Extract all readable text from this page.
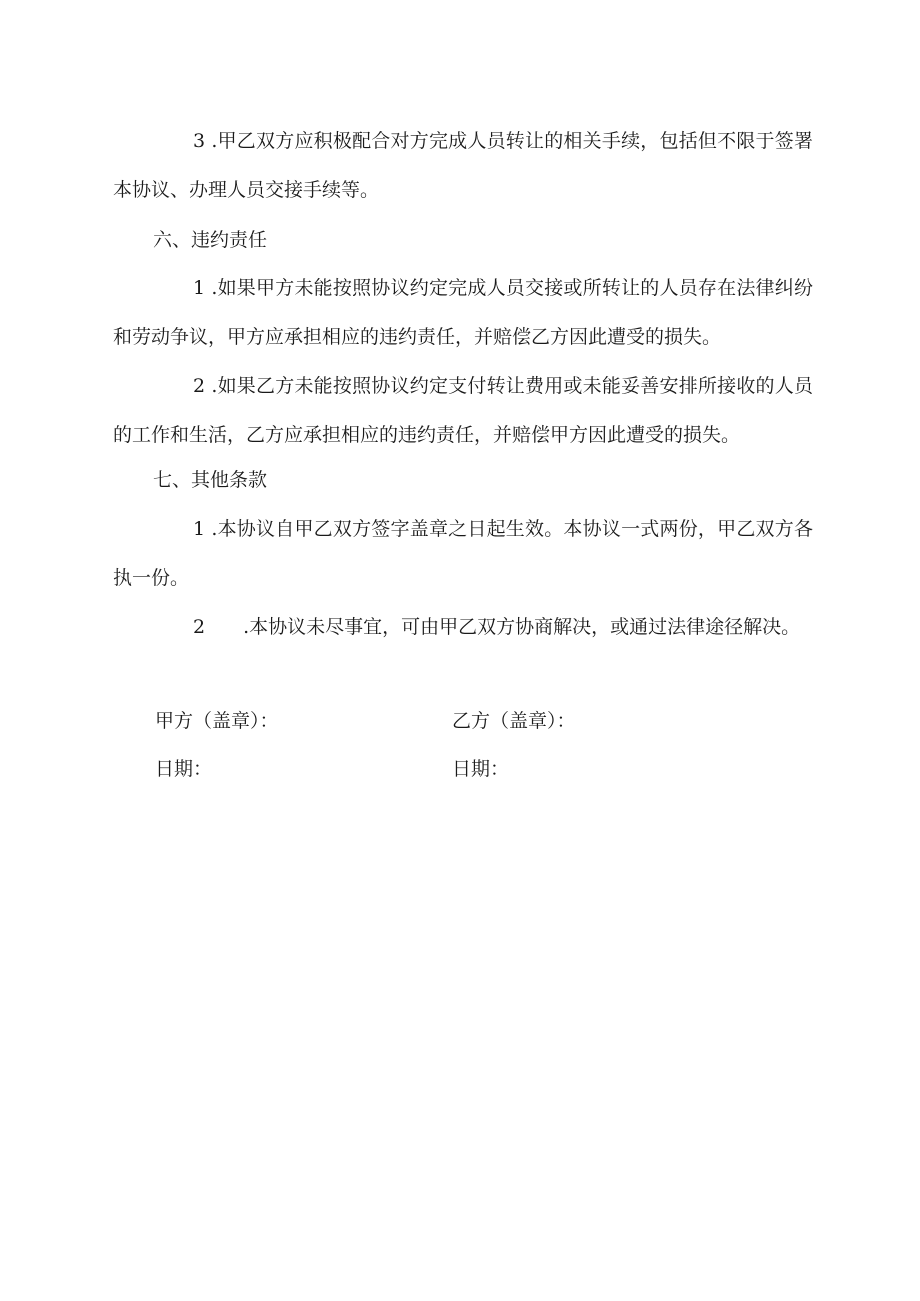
3 .甲乙双方应积极配合对方完成人员转让的相关手续，包括但不限于签署本协议、办理人员交接手续等。

六、违约责任

1 .如果甲方未能按照协议约定完成人员交接或所转让的人员存在法律纠纷和劳动争议，甲方应承担相应的违约责任，并赔偿乙方因此遭受的损失。

2 .如果乙方未能按照协议约定支付转让费用或未能妥善安排所接收的人员的工作和生活，乙方应承担相应的违约责任，并赔偿甲方因此遭受的损失。

七、其他条款

1 .本协议自甲乙双方签字盖章之日起生效。本协议一式两份，甲乙双方各执一份。

2 .本协议未尽事宜，可由甲乙双方协商解决，或通过法律途径解决。

甲方（盖章）：	乙方（盖章）：
日期：	日期：
